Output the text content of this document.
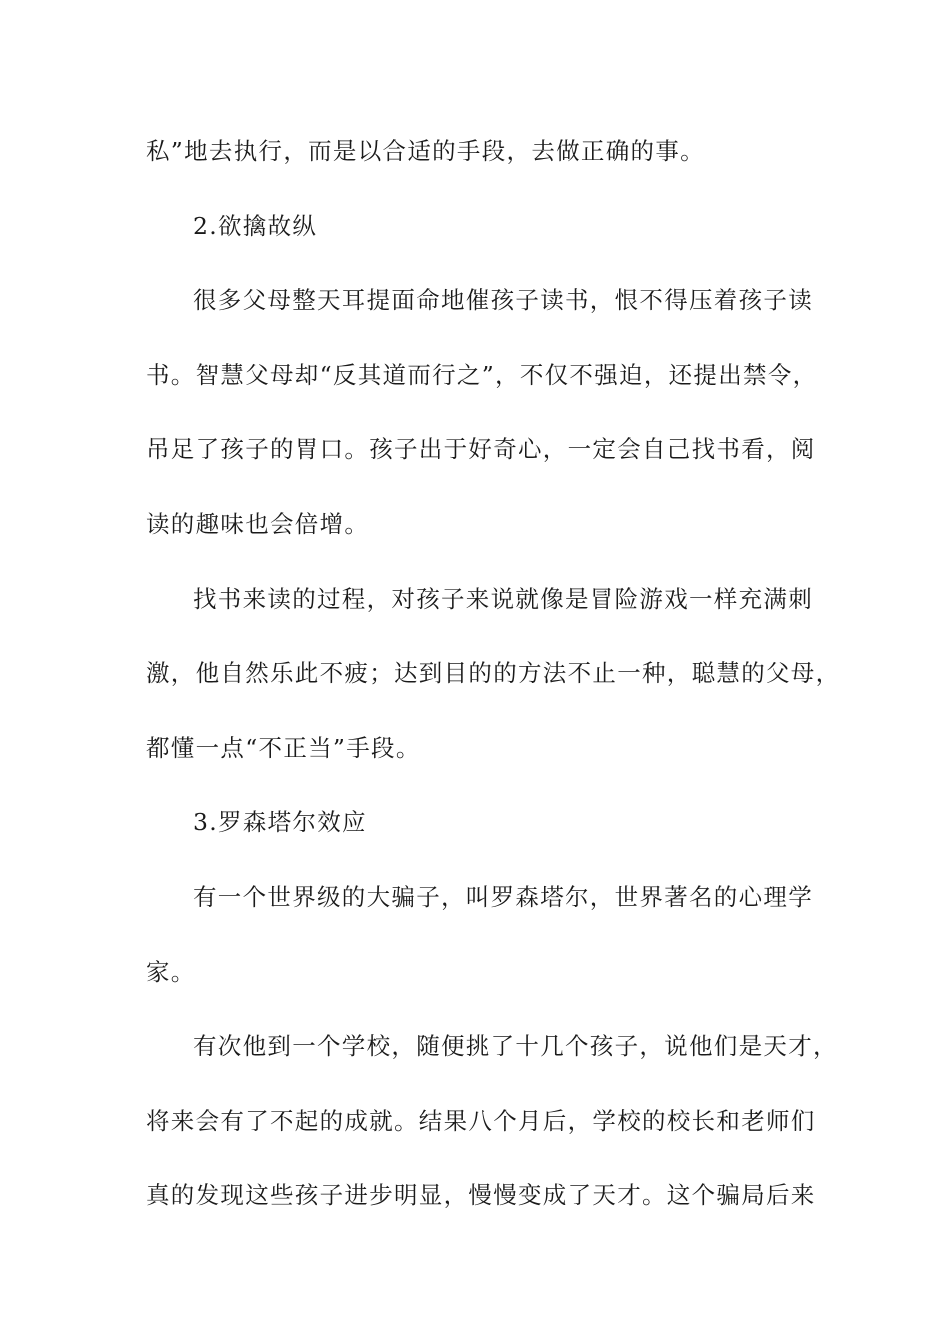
私”地去执行，而是以合适的手段，去做正确的事。
2.欲擒故纵
很多父母整天耳提面命地催孩子读书，恨不得压着孩子读
书。智慧父母却“反其道而行之”，不仅不强迫，还提出禁令，
吊足了孩子的胃口。孩子出于好奇心，一定会自己找书看，阅
读的趣味也会倍增。
找书来读的过程，对孩子来说就像是冒险游戏一样充满刺
激，他自然乐此不疲；达到目的的方法不止一种，聪慧的父母，
都懂一点“不正当”手段。
3.罗森塔尔效应
有一个世界级的大骗子，叫罗森塔尔，世界著名的心理学
家。
有次他到一个学校，随便挑了十几个孩子，说他们是天才，
将来会有了不起的成就。结果八个月后，学校的校长和老师们
真的发现这些孩子进步明显，慢慢变成了天才。这个骗局后来
